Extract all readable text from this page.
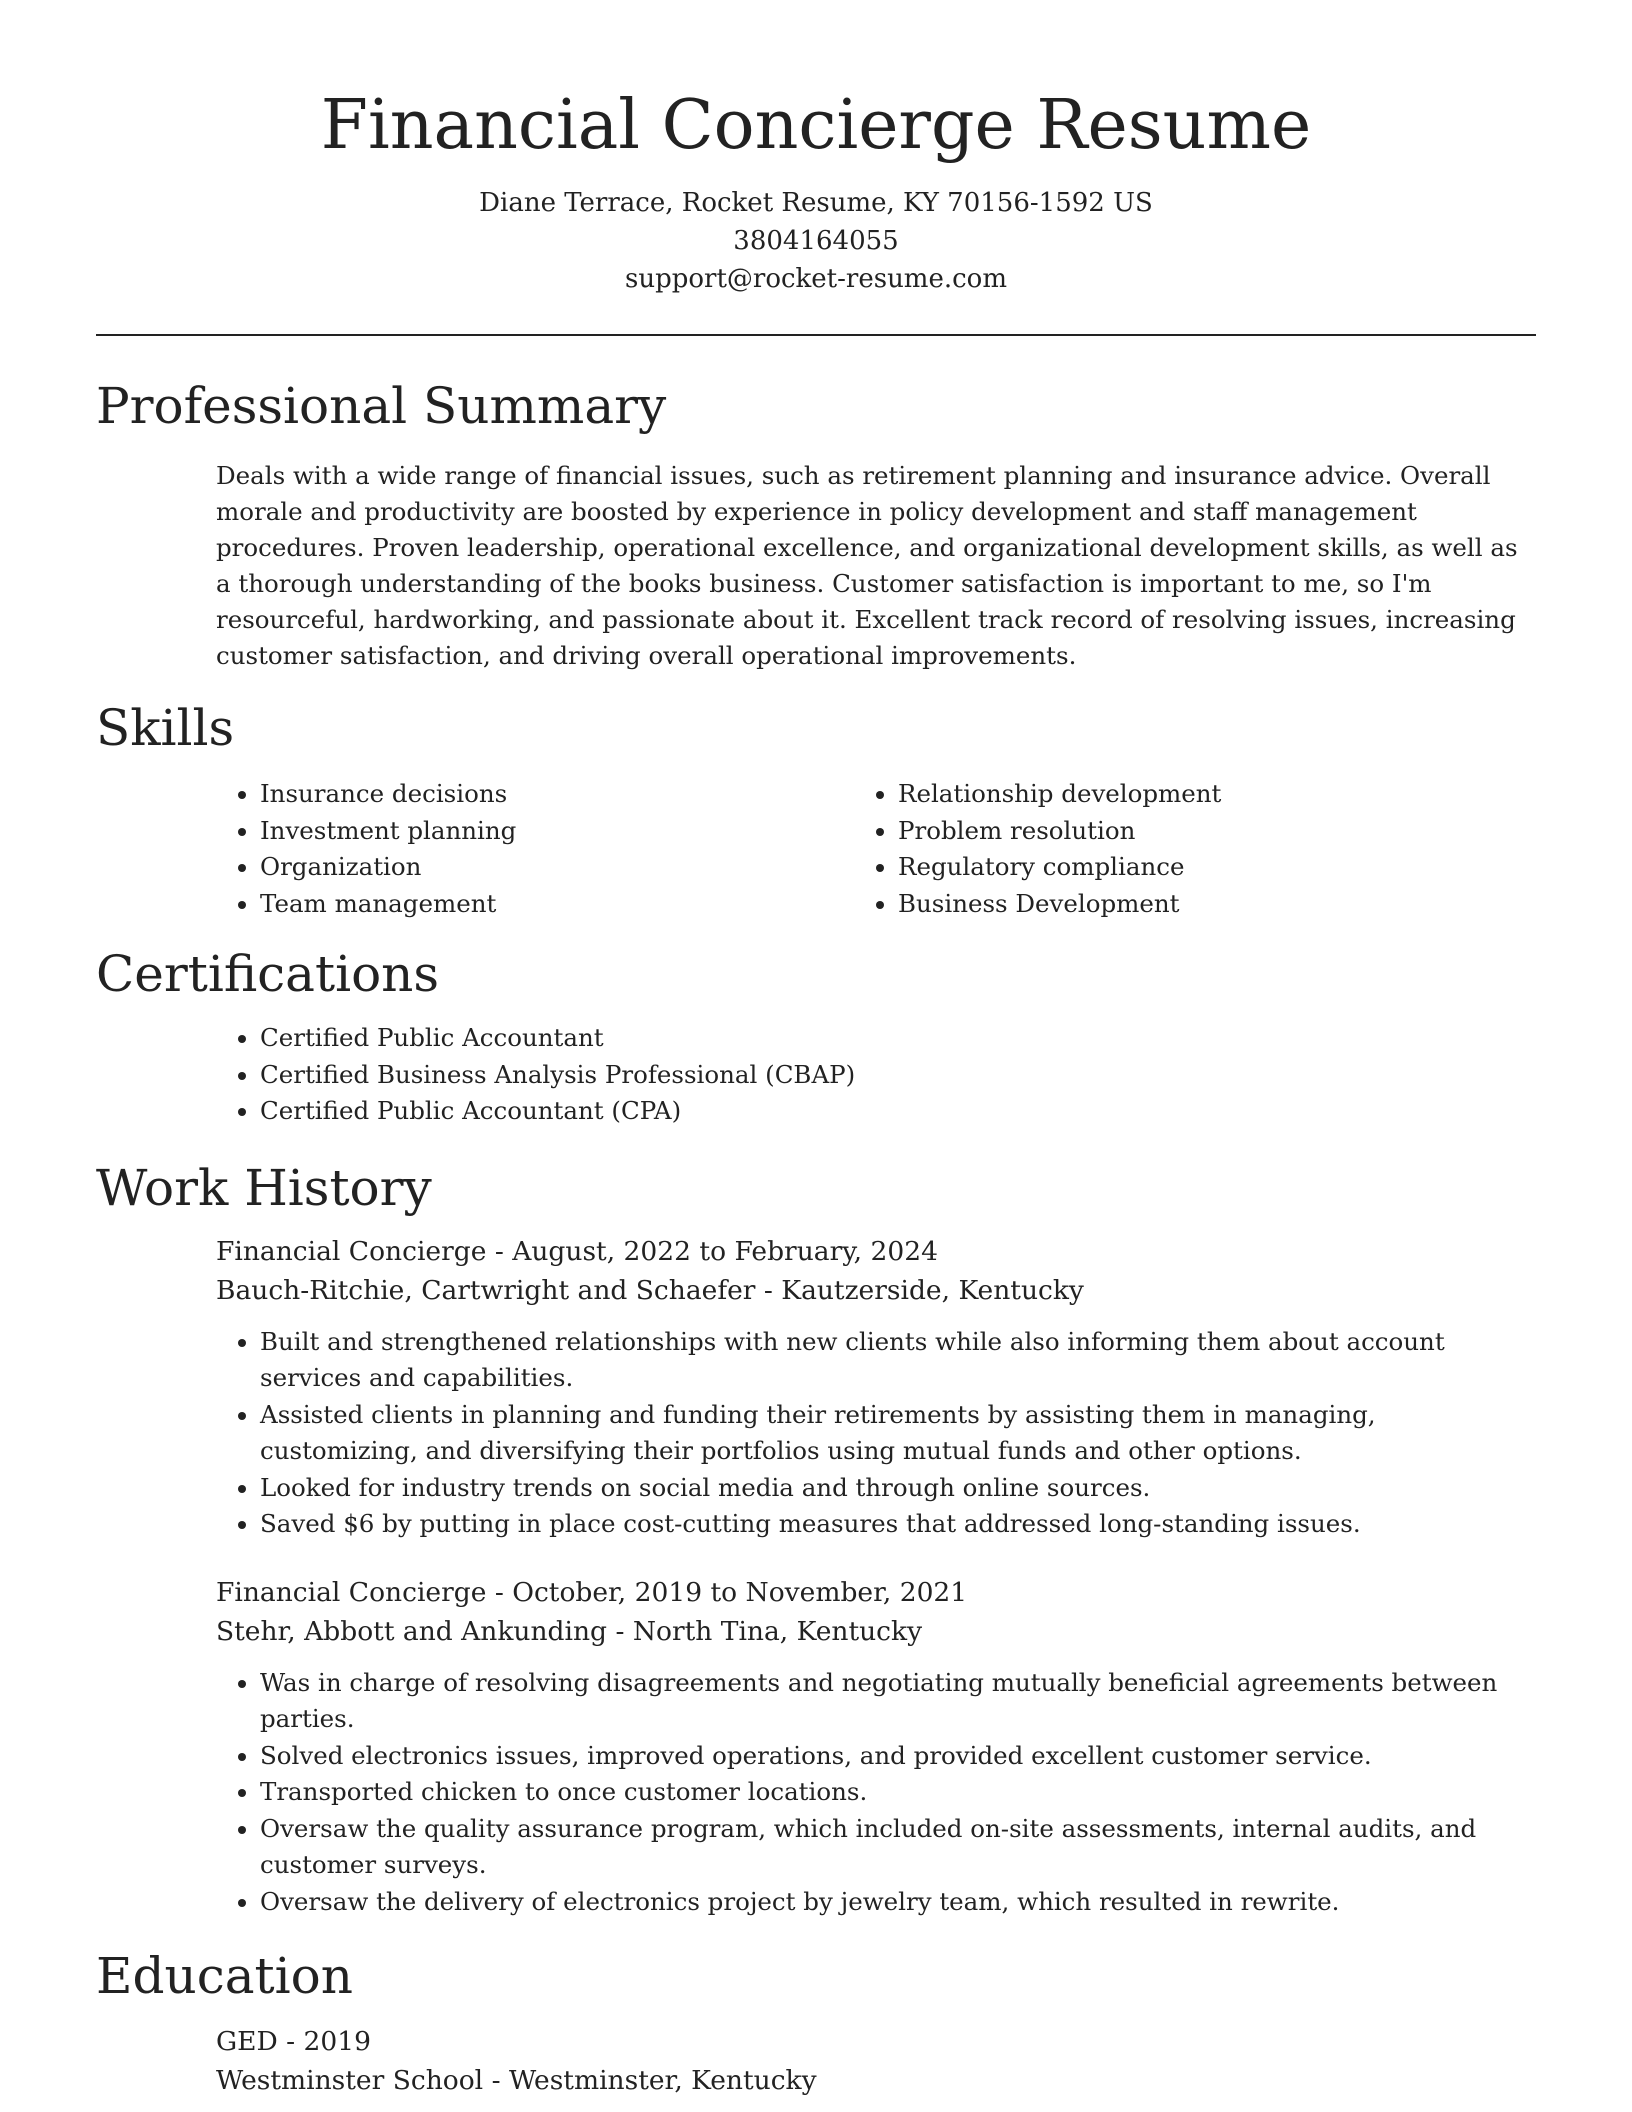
Financial Concierge Resume
Diane Terrace, Rocket Resume, KY 70156-1592 US
3804164055
support@rocket-resume.com
Professional Summary
Deals with a wide range of financial issues, such as retirement planning and insurance advice. Overall morale and productivity are boosted by experience in policy development and staff management procedures. Proven leadership, operational excellence, and organizational development skills, as well as a thorough understanding of the books business. Customer satisfaction is important to me, so I'm resourceful, hardworking, and passionate about it. Excellent track record of resolving issues, increasing customer satisfaction, and driving overall operational improvements.
Skills
• Insurance decisions
• Investment planning
• Organization
• Team management
• Relationship development
• Problem resolution
• Regulatory compliance
• Business Development
Certifications
• Certified Public Accountant
• Certified Business Analysis Professional (CBAP)
• Certified Public Accountant (CPA)
Work History
Financial Concierge - August, 2022 to February, 2024
Bauch-Ritchie, Cartwright and Schaefer - Kautzerside, Kentucky
• Built and strengthened relationships with new clients while also informing them about account services and capabilities.
• Assisted clients in planning and funding their retirements by assisting them in managing, customizing, and diversifying their portfolios using mutual funds and other options.
• Looked for industry trends on social media and through online sources.
• Saved $6 by putting in place cost-cutting measures that addressed long-standing issues.
Financial Concierge - October, 2019 to November, 2021
Stehr, Abbott and Ankunding - North Tina, Kentucky
• Was in charge of resolving disagreements and negotiating mutually beneficial agreements between parties.
• Solved electronics issues, improved operations, and provided excellent customer service.
• Transported chicken to once customer locations.
• Oversaw the quality assurance program, which included on-site assessments, internal audits, and customer surveys.
• Oversaw the delivery of electronics project by jewelry team, which resulted in rewrite.
Education
GED - 2019
Westminster School - Westminster, Kentucky
